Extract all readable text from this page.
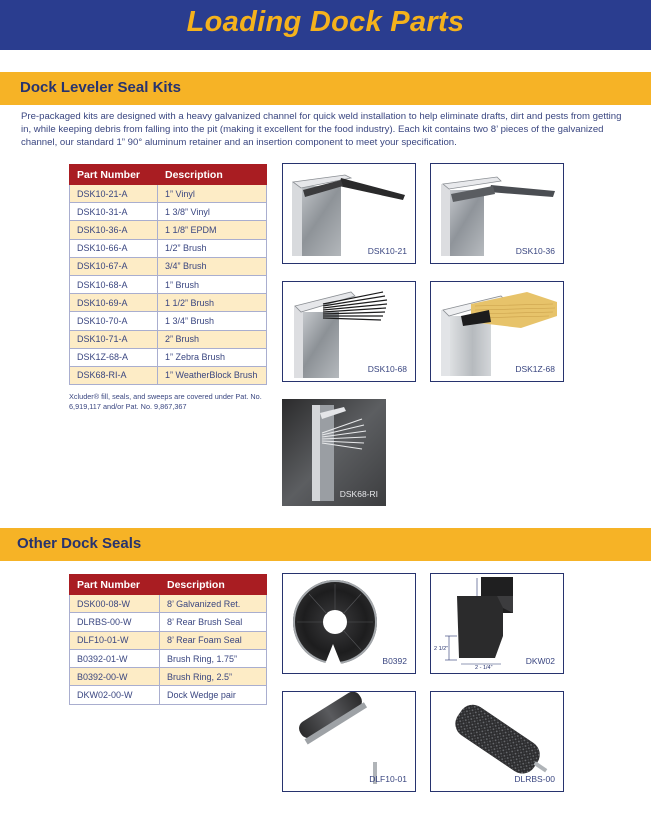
Loading Dock Parts
Dock Leveler Seal Kits

Pre-packaged kits are designed with a heavy galvanized channel for quick weld installation to help eliminate drafts, dirt and pests from getting in, while keeping debris from falling into the pit (making it excellent for the food industry). Each kit contains two 8’ pieces of the galvanized channel, our standard 1” 90° aluminum retainer and an insertion component to meet your specification.

Part Number	Description
DSK10-21-A	1” Vinyl
DSK10-31-A	1 3/8” Vinyl
DSK10-36-A	1 1/8” EPDM
DSK10-66-A	1/2” Brush
DSK10-67-A	3/4” Brush
DSK10-68-A	1” Brush
DSK10-69-A	1 1/2” Brush
DSK10-70-A	1 3/4” Brush
DSK10-71-A	2” Brush
DSK1Z-68-A	1” Zebra Brush
DSK68-RI-A	1” WeatherBlock Brush

Xcluder® fill, seals, and sweeps are covered under Pat. No. 6,919,117 and/or Pat. No. 9,867,367

DSK10-21	DSK10-36
DSK10-68	DSK1Z-68
DSK68-RI
Other Dock Seals
Part Number	Description
DSK00-08-W	8’ Galvanized Ret.
DLRBS-00-W	8’ Rear Brush Seal
DLF10-01-W	8’ Rear Foam Seal
B0392-01-W	Brush Ring, 1.75”
B0392-00-W	Brush Ring, 2.5”
DKW02-00-W	Dock Wedge pair
B0392
2 1/2”
2 - 1/4”
DKW02
DLF10-01	DLRBS-00
